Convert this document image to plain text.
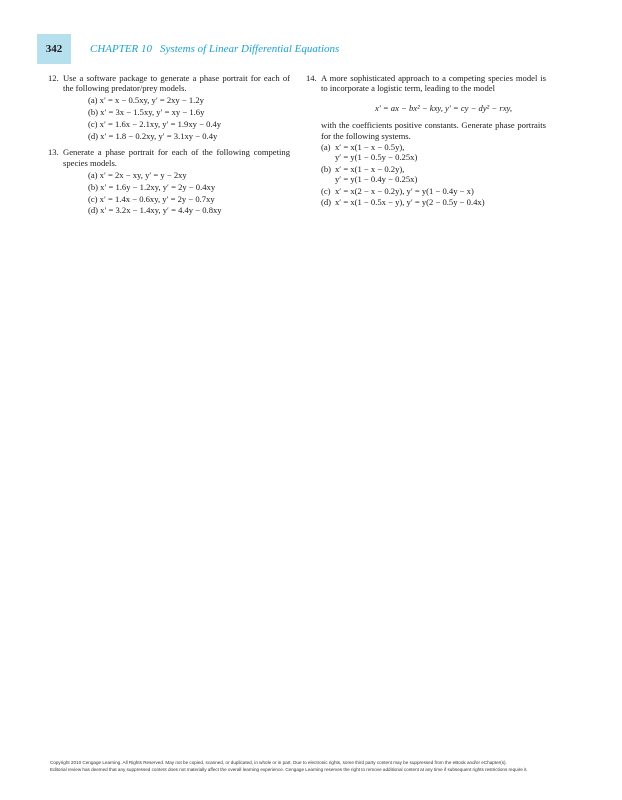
342	CHAPTER 10 Systems of Linear Differential Equations
12. Use a software package to generate a phase portrait for each of the following predator/prey models.
(a) x′ = x − 0.5xy, y′ = 2xy − 1.2y
(b) x′ = 3x − 1.5xy, y′ = xy − 1.6y
(c) x′ = 1.6x − 2.1xy, y′ = 1.9xy − 0.4y
(d) x′ = 1.8 − 0.2xy, y′ = 3.1xy − 0.4y
13. Generate a phase portrait for each of the following competing species models.
(a) x′ = 2x − xy, y′ = y − 2xy
(b) x′ = 1.6y − 1.2xy, y′ = 2y − 0.4xy
(c) x′ = 1.4x − 0.6xy, y′ = 2y − 0.7xy
(d) x′ = 3.2x − 1.4xy, y′ = 4.4y − 0.8xy
14. A more sophisticated approach to a competing species model is to incorporate a logistic term, leading to the model
x′ = ax − bx² − kxy, y′ = cy − dy² − rxy,
with the coefficients positive constants. Generate phase portraits for the following systems.
(a) x′ = x(1 − x − 0.5y),
y′ = y(1 − 0.5y − 0.25x)
(b) x′ = x(1 − x − 0.2y),
y′ = y(1 − 0.4y − 0.25x)
(c) x′ = x(2 − x − 0.2y), y′ = y(1 − 0.4y − x)
(d) x′ = x(1 − 0.5x − y), y′ = y(2 − 0.5y − 0.4x)
Copyright 2010 Cengage Learning. All Rights Reserved. May not be copied, scanned, or duplicated, in whole or in part. Due to electronic rights, some third party content may be suppressed from the eBook and/or eChapter(s).
Editorial review has deemed that any suppressed content does not materially affect the overall learning experience. Cengage Learning reserves the right to remove additional content at any time if subsequent rights restrictions require it.
